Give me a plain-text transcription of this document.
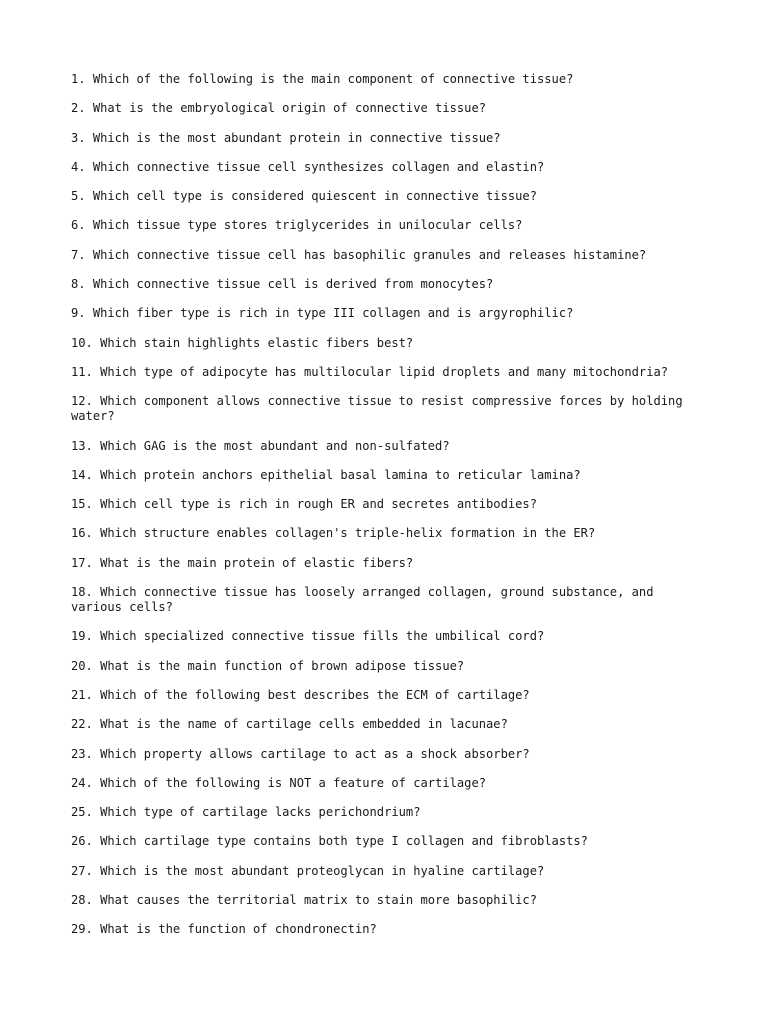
1. Which of the following is the main component of connective tissue?
2. What is the embryological origin of connective tissue?
3. Which is the most abundant protein in connective tissue?
4. Which connective tissue cell synthesizes collagen and elastin?
5. Which cell type is considered quiescent in connective tissue?
6. Which tissue type stores triglycerides in unilocular cells?
7. Which connective tissue cell has basophilic granules and releases histamine?
8. Which connective tissue cell is derived from monocytes?
9. Which fiber type is rich in type III collagen and is argyrophilic?
10. Which stain highlights elastic fibers best?
11. Which type of adipocyte has multilocular lipid droplets and many mitochondria?
12. Which component allows connective tissue to resist compressive forces by holding water?
13. Which GAG is the most abundant and non-sulfated?
14. Which protein anchors epithelial basal lamina to reticular lamina?
15. Which cell type is rich in rough ER and secretes antibodies?
16. Which structure enables collagen's triple-helix formation in the ER?
17. What is the main protein of elastic fibers?
18. Which connective tissue has loosely arranged collagen, ground substance, and various cells?
19. Which specialized connective tissue fills the umbilical cord?
20. What is the main function of brown adipose tissue?
21. Which of the following best describes the ECM of cartilage?
22. What is the name of cartilage cells embedded in lacunae?
23. Which property allows cartilage to act as a shock absorber?
24. Which of the following is NOT a feature of cartilage?
25. Which type of cartilage lacks perichondrium?
26. Which cartilage type contains both type I collagen and fibroblasts?
27. Which is the most abundant proteoglycan in hyaline cartilage?
28. What causes the territorial matrix to stain more basophilic?
29. What is the function of chondronectin?
